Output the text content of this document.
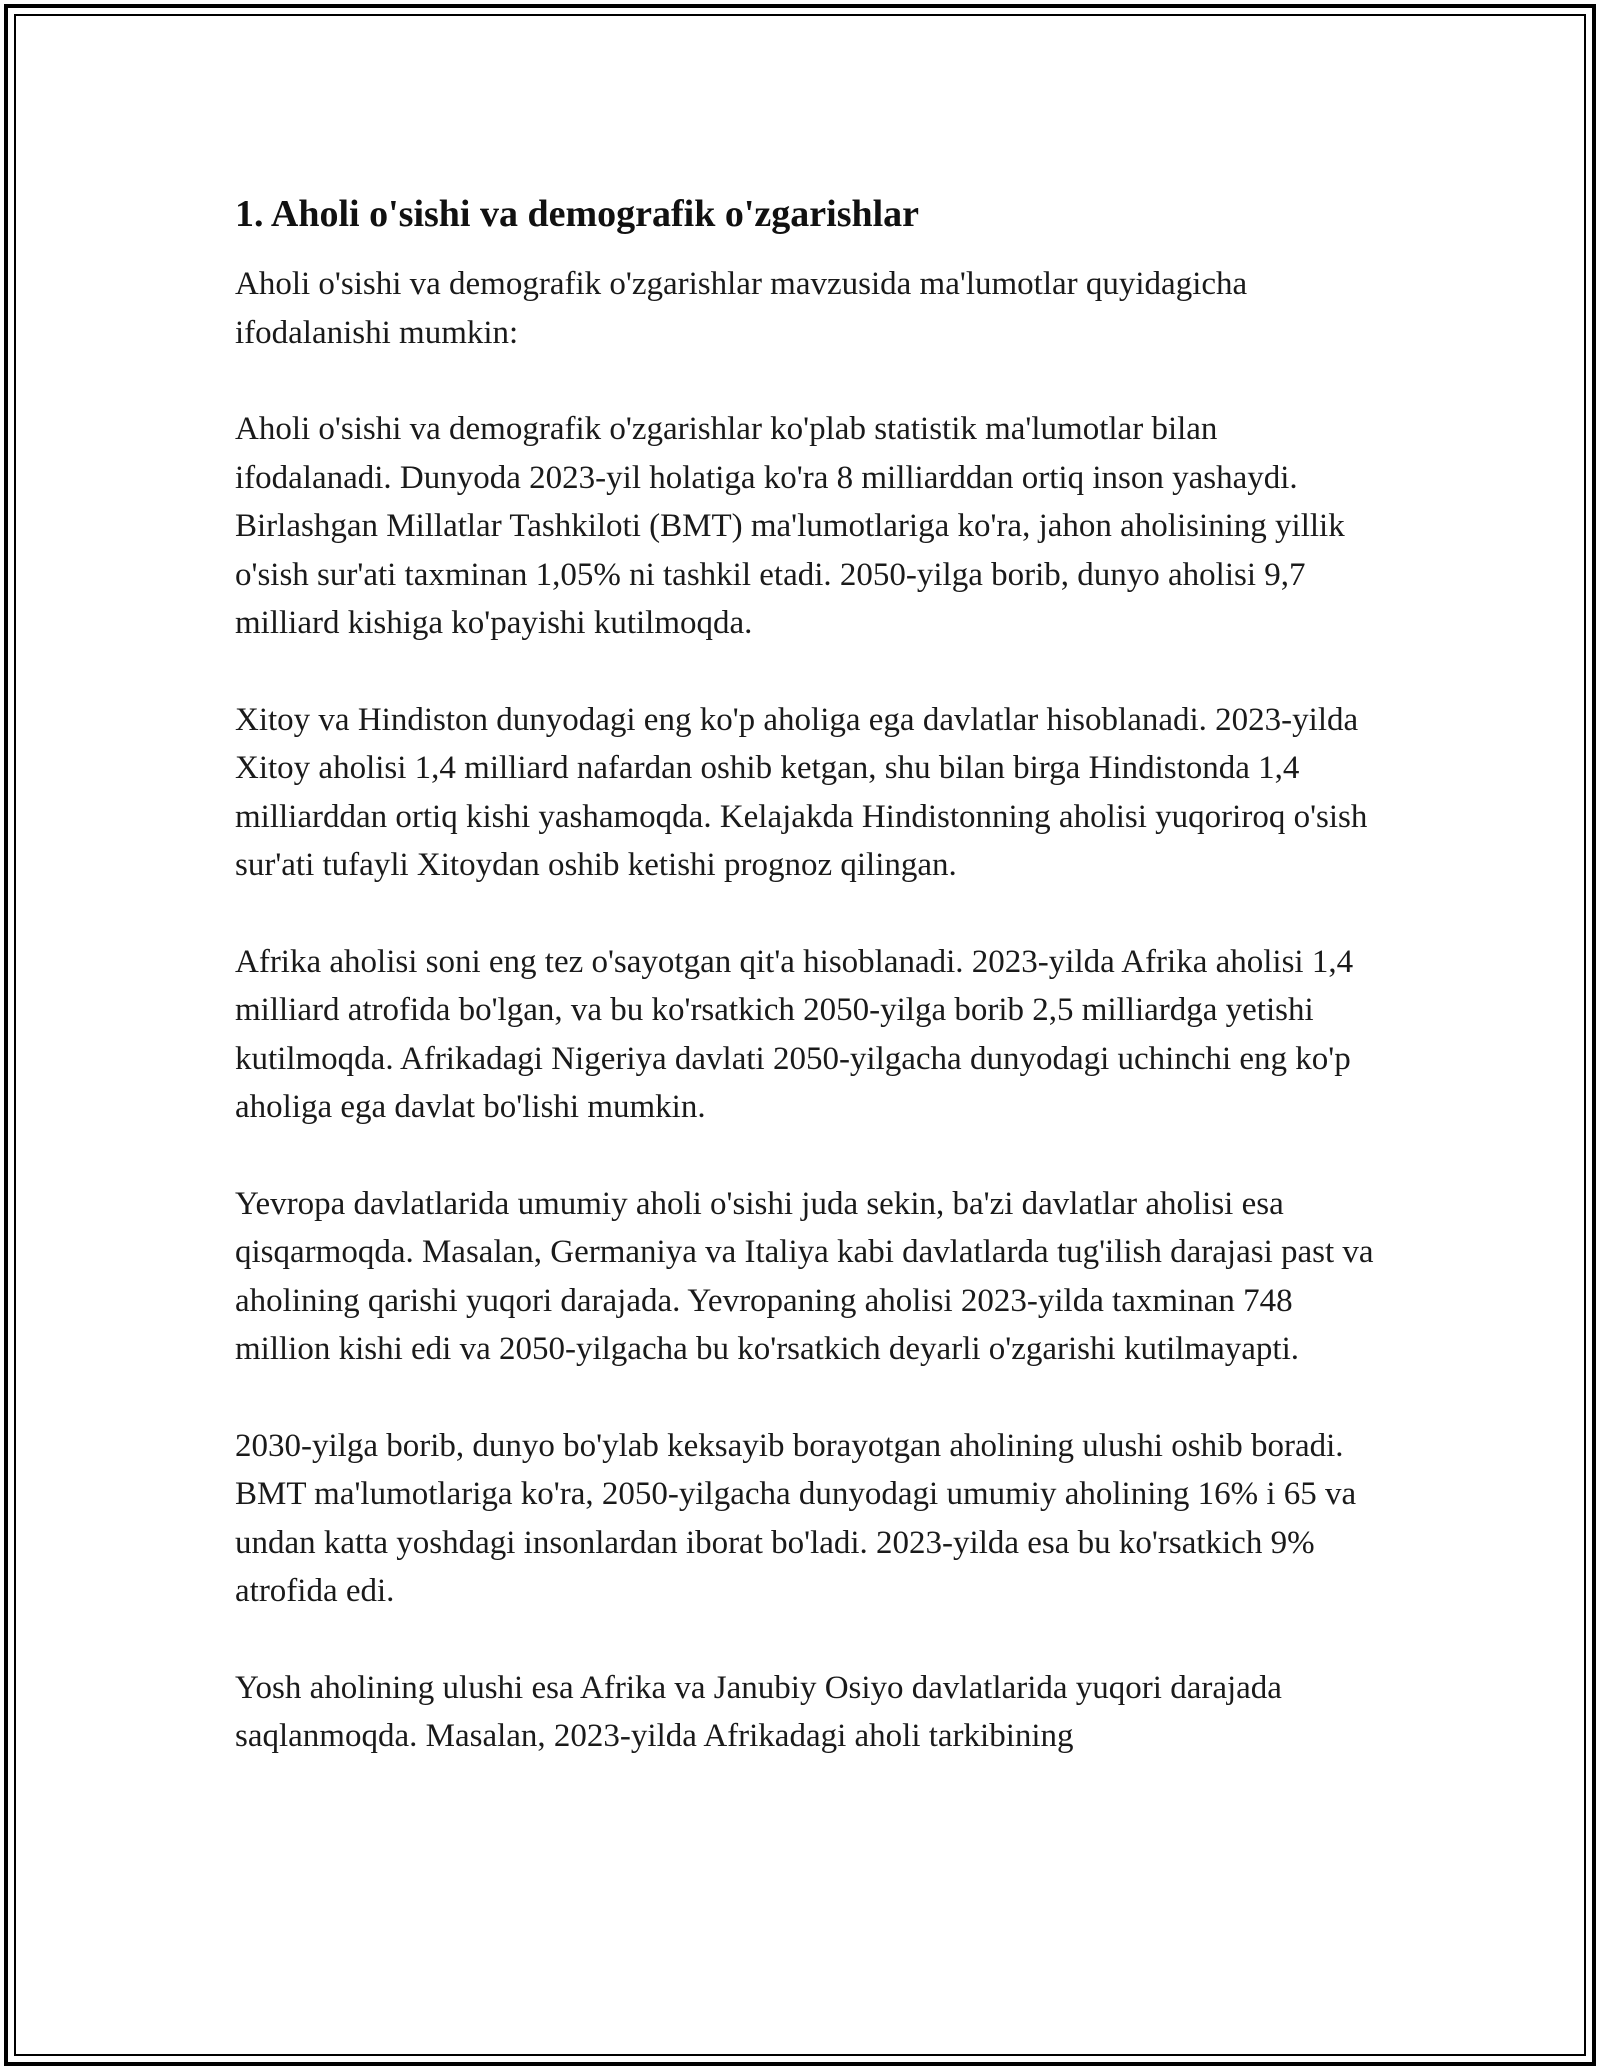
1. Aholi o'sishi va demografik o'zgarishlar

Aholi o'sishi va demografik o'zgarishlar mavzusida ma'lumotlar quyidagicha ifodalanishi mumkin:

Aholi o'sishi va demografik o'zgarishlar ko'plab statistik ma'lumotlar bilan ifodalanadi. Dunyoda 2023-yil holatiga ko'ra 8 milliarddan ortiq inson yashaydi. Birlashgan Millatlar Tashkiloti (BMT) ma'lumotlariga ko'ra, jahon aholisining yillik o'sish sur'ati taxminan 1,05% ni tashkil etadi. 2050-yilga borib, dunyo aholisi 9,7 milliard kishiga ko'payishi kutilmoqda.

Xitoy va Hindiston dunyodagi eng ko'p aholiga ega davlatlar hisoblanadi. 2023-yilda Xitoy aholisi 1,4 milliard nafardan oshib ketgan, shu bilan birga Hindistonda 1,4 milliarddan ortiq kishi yashamoqda. Kelajakda Hindistonning aholisi yuqoriroq o'sish sur'ati tufayli Xitoydan oshib ketishi prognoz qilingan.

Afrika aholisi soni eng tez o'sayotgan qit'a hisoblanadi. 2023-yilda Afrika aholisi 1,4 milliard atrofida bo'lgan, va bu ko'rsatkich 2050-yilga borib 2,5 milliardga yetishi kutilmoqda. Afrikadagi Nigeriya davlati 2050-yilgacha dunyodagi uchinchi eng ko'p aholiga ega davlat bo'lishi mumkin.

Yevropa davlatlarida umumiy aholi o'sishi juda sekin, ba'zi davlatlar aholisi esa qisqarmoqda. Masalan, Germaniya va Italiya kabi davlatlarda tug'ilish darajasi past va aholining qarishi yuqori darajada. Yevropaning aholisi 2023-yilda taxminan 748 million kishi edi va 2050-yilgacha bu ko'rsatkich deyarli o'zgarishi kutilmayapti.

2030-yilga borib, dunyo bo'ylab keksayib borayotgan aholining ulushi oshib boradi. BMT ma'lumotlariga ko'ra, 2050-yilgacha dunyodagi umumiy aholining 16% i 65 va undan katta yoshdagi insonlardan iborat bo'ladi. 2023-yilda esa bu ko'rsatkich 9% atrofida edi.

Yosh aholining ulushi esa Afrika va Janubiy Osiyo davlatlarida yuqori darajada saqlanmoqda. Masalan, 2023-yilda Afrikadagi aholi tarkibining
